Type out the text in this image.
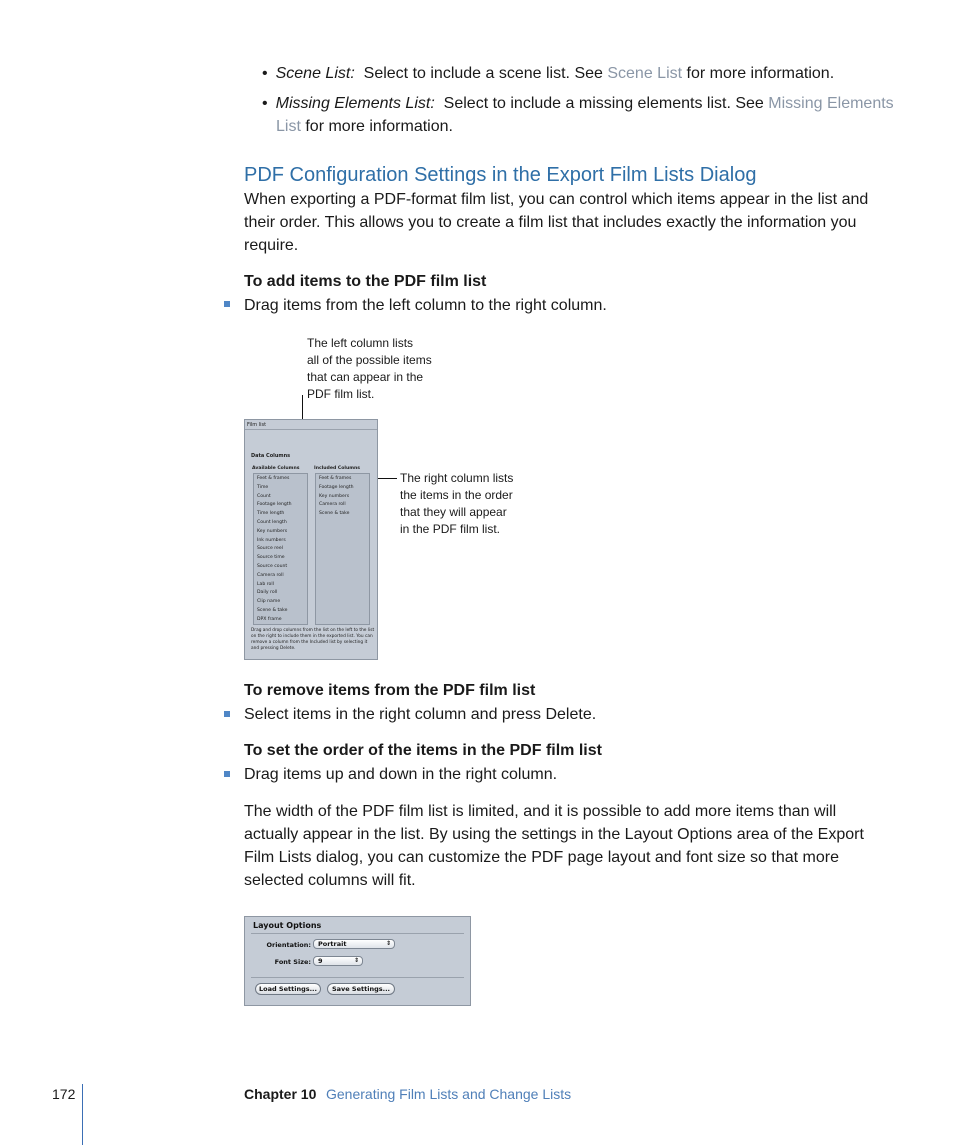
• Scene List: Select to include a scene list. See Scene List for more information.
• Missing Elements List: Select to include a missing elements list. See Missing Elements
List for more information.
PDF Configuration Settings in the Export Film Lists Dialog
When exporting a PDF-format film list, you can control which items appear in the list and
their order. This allows you to create a film list that includes exactly the information you
require.
To add items to the PDF film list
Drag items from the left column to the right column.
The left column lists
all of the possible items
that can appear in the
PDF film list.
The right column lists
the items in the order
that they will appear
in the PDF film list.
Film list
Data Columns
Available Columns	Included Columns
Feet & frames
Time
Count
Footage length
Time length
Count length
Key numbers
Ink numbers
Source reel
Source time
Source count
Camera roll
Lab roll
Daily roll
Clip name
Scene & take
DPX frame
Feet & frames
Footage length
Key numbers
Camera roll
Scene & take
Drag and drop columns from the list on the left to the list on the right to include them in the exported list. You can remove a column from the Included list by selecting it and pressing Delete.
To remove items from the PDF film list
Select items in the right column and press Delete.
To set the order of the items in the PDF film list
Drag items up and down in the right column.
The width of the PDF film list is limited, and it is possible to add more items than will
actually appear in the list. By using the settings in the Layout Options area of the Export
Film Lists dialog, you can customize the PDF page layout and font size so that more
selected columns will fit.
Layout Options
Orientation:	Portrait	⇕
Font Size:	9	⇕
Load Settings...	Save Settings...
172	Chapter 10 Generating Film Lists and Change Lists
